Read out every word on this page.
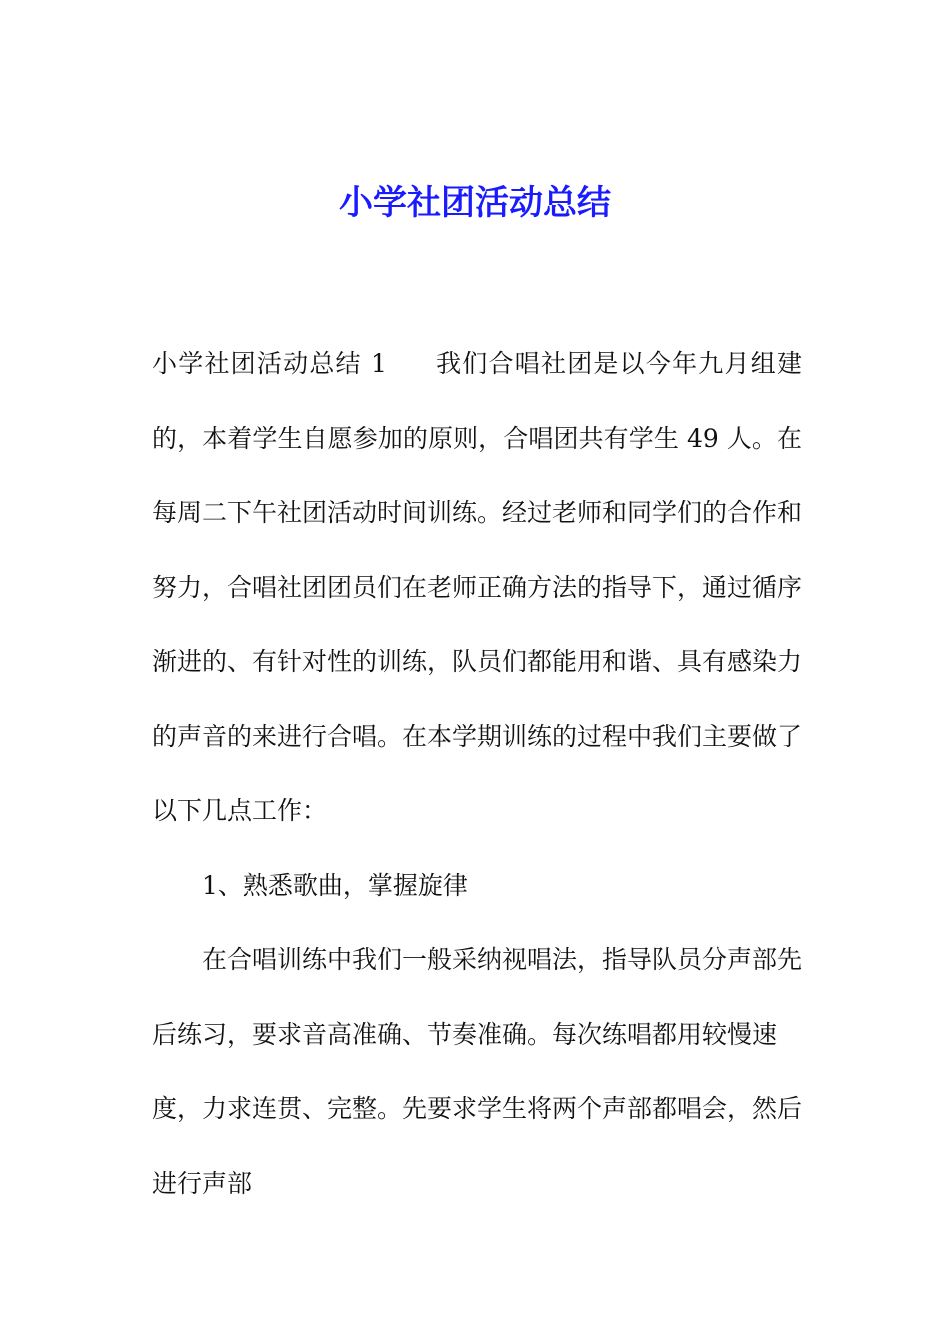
小学社团活动总结

小学社团活动总结 1 我们合唱社团是以今年九月组建的，本着学生自愿参加的原则，合唱团共有学生 49 人。在每周二下午社团活动时间训练。经过老师和同学们的合作和努力，合唱社团团员们在老师正确方法的指导下，通过循序渐进的、有针对性的训练，队员们都能用和谐、具有感染力的声音的来进行合唱。在本学期训练的过程中我们主要做了以下几点工作：

1、熟悉歌曲，掌握旋律

在合唱训练中我们一般采纳视唱法，指导队员分声部先后练习，要求音高准确、节奏准确。每次练唱都用较慢速度，力求连贯、完整。先要求学生将两个声部都唱会，然后进行声部
